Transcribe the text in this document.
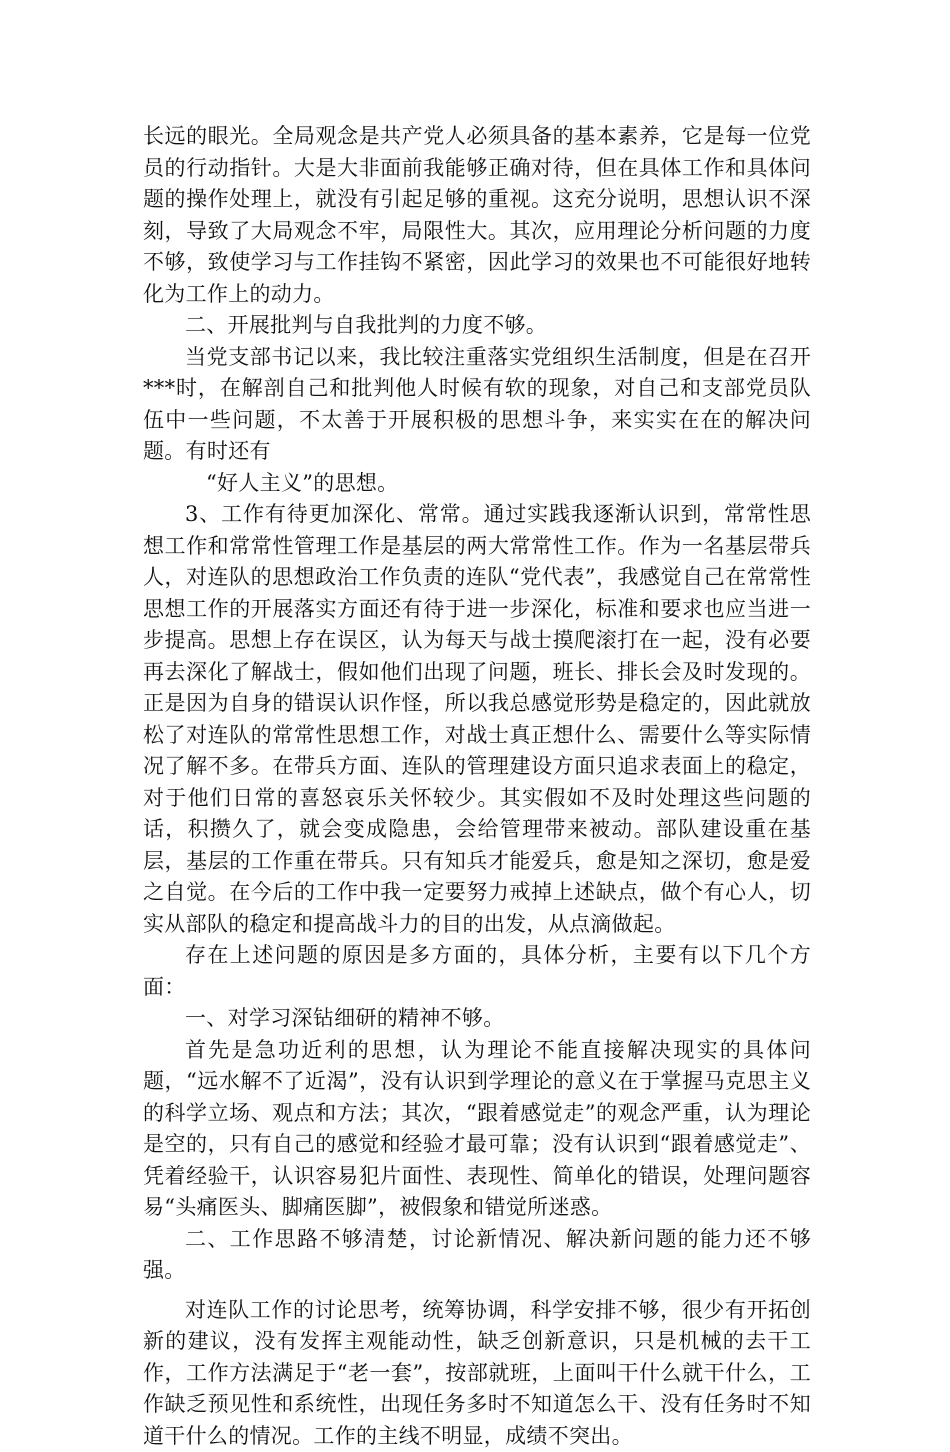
长远的眼光。全局观念是共产党人必须具备的基本素养，它是每一位党员的行动指针。大是大非面前我能够正确对待，但在具体工作和具体问题的操作处理上，就没有引起足够的重视。这充分说明，思想认识不深刻，导致了大局观念不牢，局限性大。其次，应用理论分析问题的力度不够，致使学习与工作挂钩不紧密，因此学习的效果也不可能很好地转化为工作上的动力。

二、开展批判与自我批判的力度不够。

当党支部书记以来，我比较注重落实党组织生活制度，但是在召开***时，在解剖自己和批判他人时候有软的现象，对自己和支部党员队伍中一些问题，不太善于开展积极的思想斗争，来实实在在的解决问题。有时还有

“好人主义”的思想。

3、工作有待更加深化、常常。通过实践我逐渐认识到，常常性思想工作和常常性管理工作是基层的两大常常性工作。作为一名基层带兵人，对连队的思想政治工作负责的连队“党代表”，我感觉自己在常常性思想工作的开展落实方面还有待于进一步深化，标准和要求也应当进一步提高。思想上存在误区，认为每天与战士摸爬滚打在一起，没有必要再去深化了解战士，假如他们出现了问题，班长、排长会及时发现的。正是因为自身的错误认识作怪，所以我总感觉形势是稳定的，因此就放松了对连队的常常性思想工作，对战士真正想什么、需要什么等实际情况了解不多。在带兵方面、连队的管理建设方面只追求表面上的稳定，对于他们日常的喜怒哀乐关怀较少。其实假如不及时处理这些问题的话，积攒久了，就会变成隐患，会给管理带来被动。部队建设重在基层，基层的工作重在带兵。只有知兵才能爱兵，愈是知之深切，愈是爱之自觉。在今后的工作中我一定要努力戒掉上述缺点，做个有心人，切实从部队的稳定和提高战斗力的目的出发，从点滴做起。

存在上述问题的原因是多方面的，具体分析，主要有以下几个方面：

一、对学习深钻细研的精神不够。

首先是急功近利的思想，认为理论不能直接解决现实的具体问题，“远水解不了近渴”，没有认识到学理论的意义在于掌握马克思主义的科学立场、观点和方法；其次，“跟着感觉走”的观念严重，认为理论是空的，只有自己的感觉和经验才最可靠；没有认识到“跟着感觉走”、凭着经验干，认识容易犯片面性、表现性、简单化的错误，处理问题容易“头痛医头、脚痛医脚”，被假象和错觉所迷惑。

二、工作思路不够清楚，讨论新情况、解决新问题的能力还不够强。

对连队工作的讨论思考，统筹协调，科学安排不够，很少有开拓创新的建议，没有发挥主观能动性，缺乏创新意识，只是机械的去干工作，工作方法满足于“老一套”，按部就班，上面叫干什么就干什么，工作缺乏预见性和系统性，出现任务多时不知道怎么干、没有任务时不知道干什么的情况。工作的主线不明显，成绩不突出。
